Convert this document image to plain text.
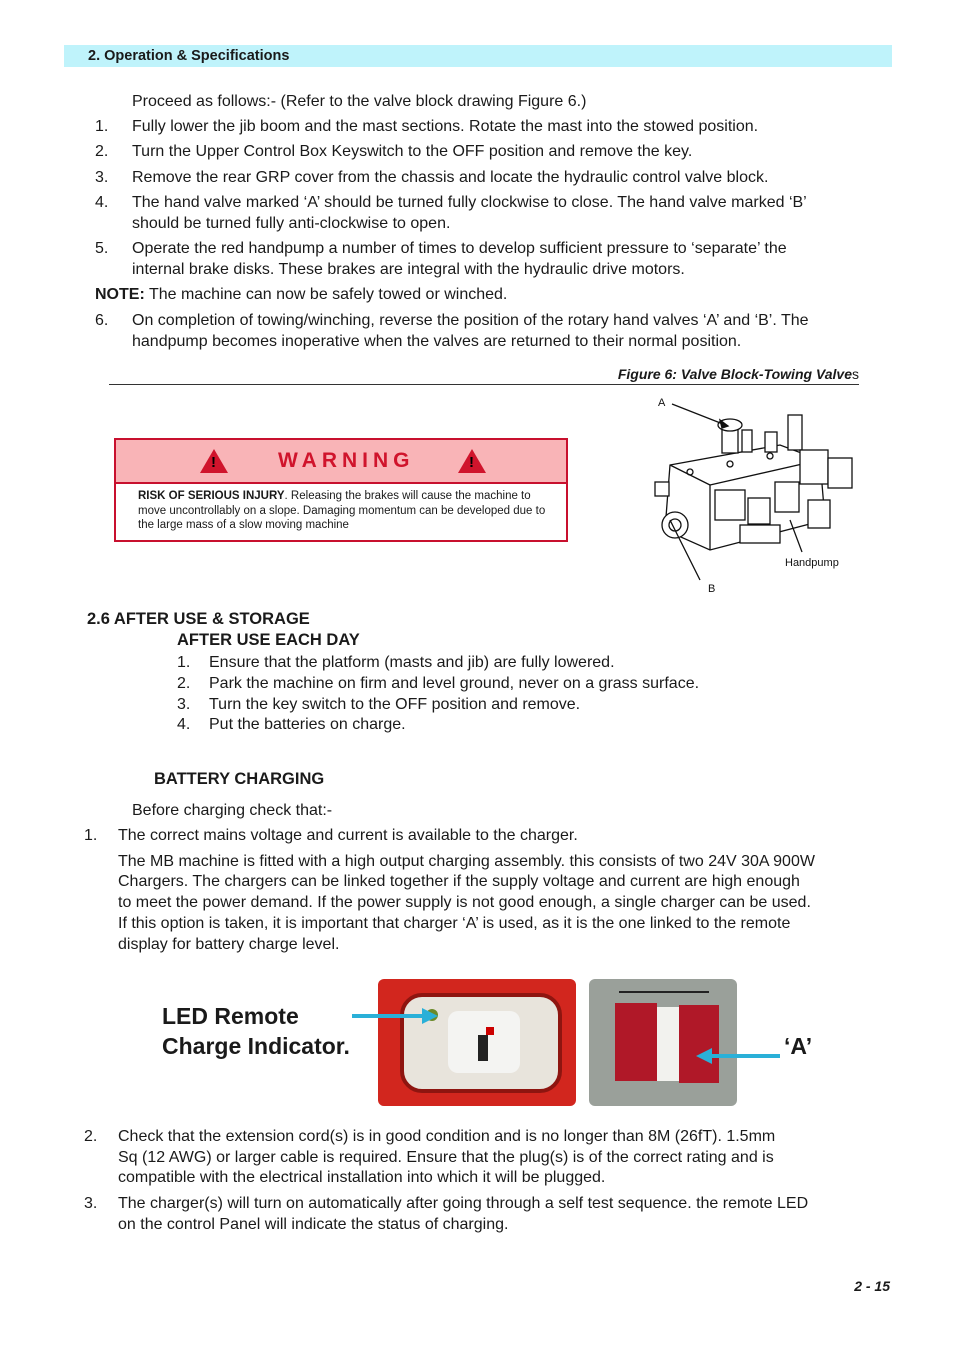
2. Operation & Specifications
Proceed as follows:- (Refer to the valve block drawing Figure 6.)
1. Fully lower the jib boom and the mast sections. Rotate the mast into the stowed position.
2. Turn the Upper Control Box Keyswitch to the OFF position and remove the key.
3. Remove the rear GRP cover from the chassis and locate the hydraulic control valve block.
4. The hand valve marked ‘A’ should be turned fully clockwise to close. The hand valve marked ‘B’
should be turned fully anti-clockwise to open.
5. Operate the red handpump a number of times to develop sufficient pressure to ‘separate’ the
internal brake disks. These brakes are integral with the hydraulic drive motors.
NOTE: The machine can now be safely towed or winched.
6. On completion of towing/winching, reverse the position of the rotary hand valves ‘A’ and ‘B’. The
handpump becomes inoperative when the valves are returned to their normal position.
Figure 6: Valve Block-Towing Valves
!	WARNING	!
RISK OF SERIOUS INJURY. Releasing the brakes will cause the machine to move uncontrollably on a slope. Damaging momentum can be developed due to the large mass of a slow moving machine
A
B
Handpump
2.6 AFTER USE & STORAGE
AFTER USE EACH DAY
1. Ensure that the platform (masts and jib) are fully lowered.
2. Park the machine on firm and level ground, never on a grass surface.
3. Turn the key switch to the OFF position and remove.
4. Put the batteries on charge.
BATTERY CHARGING
Before charging check that:-
1. The correct mains voltage and current is available to the charger.
The MB machine is fitted with a high output charging assembly. this consists of two 24V 30A 900W
Chargers. The chargers can be linked together if the supply voltage and current are high enough
to meet the power demand. If the power supply is not good enough, a single charger can be used.
If this option is taken, it is important that charger ‘A’ is used, as it is the one linked to the remote
display for battery charge level.
LED Remote
Charge Indicator.	‘A’
2. Check that the extension cord(s) is in good condition and is no longer than 8M (26fT). 1.5mm
Sq (12 AWG) or larger cable is required. Ensure that the plug(s) is of the correct rating and is
compatible with the electrical installation into which it will be plugged.
3. The charger(s) will turn on automatically after going through a self test sequence. the remote LED
on the control Panel will indicate the status of charging.
2 - 15
